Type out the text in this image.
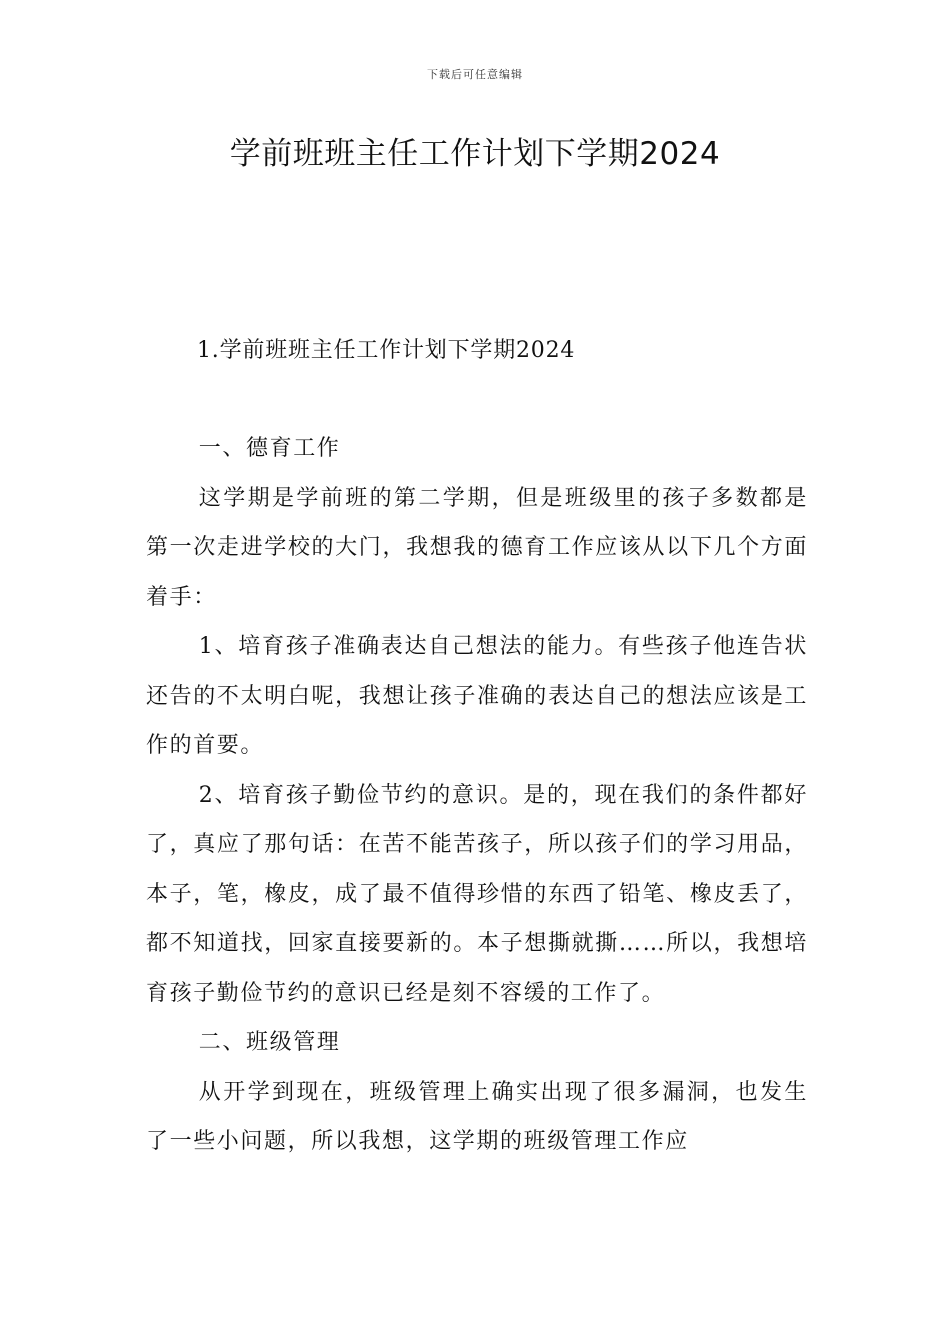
下载后可任意编辑
学前班班主任工作计划下学期2024
1.学前班班主任工作计划下学期2024

一、德育工作

这学期是学前班的第二学期，但是班级里的孩子多数都是第一次走进学校的大门，我想我的德育工作应该从以下几个方面着手：

1、培育孩子准确表达自己想法的能力。有些孩子他连告状还告的不太明白呢，我想让孩子准确的表达自己的想法应该是工作的首要。

2、培育孩子勤俭节约的意识。是的，现在我们的条件都好了，真应了那句话：在苦不能苦孩子，所以孩子们的学习用品，本子，笔，橡皮，成了最不值得珍惜的东西了铅笔、橡皮丢了，都不知道找，回家直接要新的。本子想撕就撕……所以，我想培育孩子勤俭节约的意识已经是刻不容缓的工作了。

二、班级管理

从开学到现在，班级管理上确实出现了很多漏洞，也发生了一些小问题，所以我想，这学期的班级管理工作应
